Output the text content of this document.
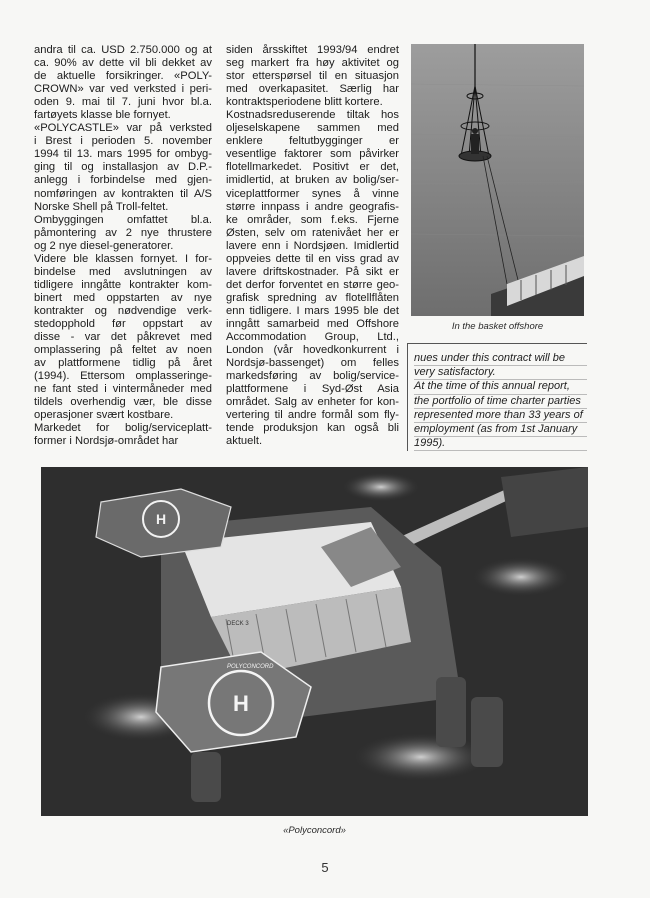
andra til ca. USD 2.750.000 og at
ca. 90% av dette vil bli dekket av
de aktuelle forsikringer. «POLY-
CROWN» var ved verksted i peri-
oden 9. mai til 7. juni hvor bl.a.
fartøyets klasse ble fornyet.
«POLYCASTLE» var på verksted
i Brest i perioden 5. november
1994 til 13. mars 1995 for ombyg-
ging til og installasjon av D.P.-
anlegg i forbindelse med gjen-
nomføringen av kontrakten til A/S
Norske Shell på Troll-feltet.
Ombyggingen omfattet bl.a.
påmontering av 2 nye thrustere
og 2 nye diesel-generatorer.
Videre ble klassen fornyet. I for-
bindelse med avslutningen av
tidligere inngåtte kontrakter kom-
binert med oppstarten av nye
kontrakter og nødvendige verk-
stedopphold før oppstart av
disse - var det påkrevet med
omplassering på feltet av noen
av plattformene tidlig på året
(1994). Ettersom omplasseringe-
ne fant sted i vintermåneder med
tildels overhendig vær, ble disse
operasjoner svært kostbare.
Markedet for bolig/serviceplatt-
former i Nordsjø-området har
siden årsskiftet 1993/94 endret
seg markert fra høy aktivitet og
stor etterspørsel til en situasjon
med overkapasitet. Særlig har
kontraktsperiodene blitt kortere.
Kostnadsreduserende tiltak hos
oljeselskapene sammen med
enklere feltutbygginger er
vesentlige faktorer som påvirker
flotellmarkedet. Positivt er det,
imidlertid, at bruken av bolig/ser-
viceplattformer synes å vinne
større innpass i andre geografis-
ke områder, som f.eks. Fjerne
Østen, selv om ratenivået her er
lavere enn i Nordsjøen. Imidlertid
oppveies dette til en viss grad av
lavere driftskostnader. På sikt er
det derfor forventet en større geo-
grafisk spredning av flotellflåten
enn tidligere. I mars 1995 ble det
inngått samarbeid med Offshore
Accommodation Group, Ltd.,
London (vår hovedkonkurrent i
Nordsjø-bassenget) om felles
markedsføring av bolig/service-
plattformene i Syd-Øst Asia
området. Salg av enheter for kon-
vertering til andre formål som fly-
tende produksjon kan også bli
aktuelt.
In the basket offshore
nues under this contract will be
very satisfactory.
At the time of this annual report,
the portfolio of time charter parties
represented more than 33 years of
employment (as from 1st January
1995).
DECK 3
H
H
POLYCONCORD
«Polyconcord»
5
